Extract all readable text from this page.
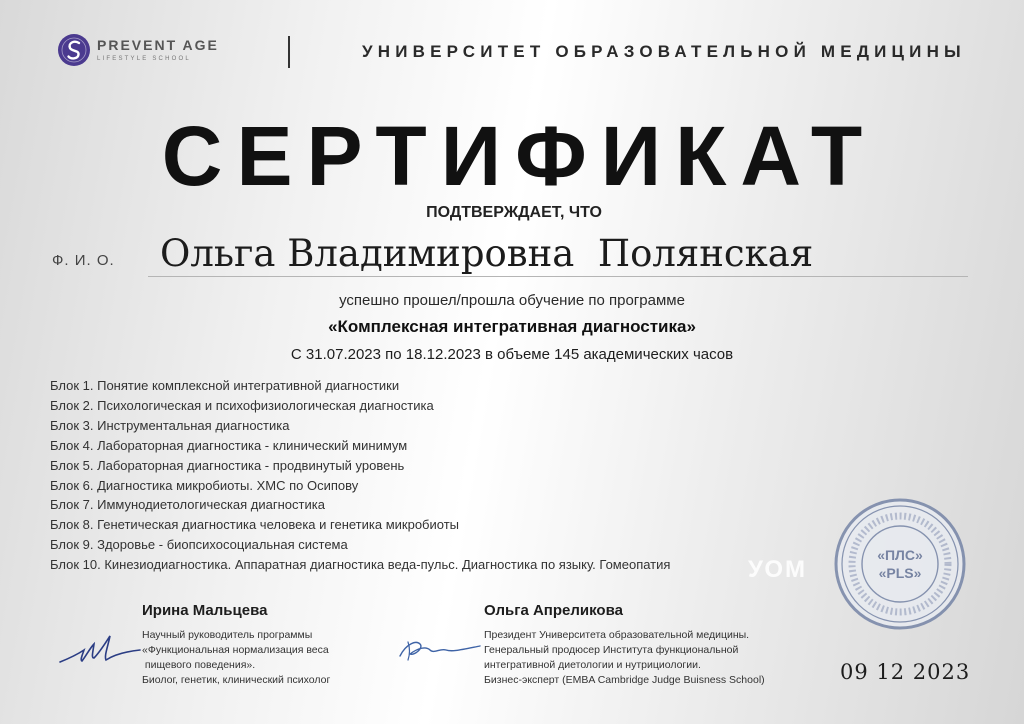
PREVENT AGE
LIFESTYLE SCHOOL	УНИВЕРСИТЕТ ОБРАЗОВАТЕЛЬНОЙ МЕДИЦИНЫ
СЕРТИФИКАТ
ПОДТВЕРЖДАЕТ, ЧТО
Ф. И. О. Ольга Владимировна  Полянская
успешно прошел/прошла обучение по программе
«Комплексная интегративная диагностика»
С 31.07.2023 по 18.12.2023 в объеме 145 академических часов
Блок 1. Понятие комплексной интегративной диагностики
Блок 2. Психологическая и психофизиологическая диагностика
Блок 3. Инструментальная диагностика
Блок 4. Лабораторная диагностика - клинический минимум
Блок 5. Лабораторная диагностика - продвинутый уровень
Блок 6. Диагностика микробиоты. ХМС по Осипову
Блок 7. Иммунодиетологическая диагностика
Блок 8. Генетическая диагностика человека и генетика микробиоты
Блок 9. Здоровье - биопсихосоциальная система
Блок 10. Кинезиодиагностика. Аппаратная диагностика веда-пульс. Диагностика по языку. Гомеопатия	УОМ
«ПЛС»
«PLS»
Ирина Мальцева
Научный руководитель программы
«Функциональная нормализация веса
пищевого поведения».
Биолог, генетик, клинический психолог
Ольга Апреликова
Президент Университета образовательной медицины.
Генеральный продюсер Института функциональной
интегративной диетологии и нутрициологии.
Бизнес-эксперт (EMBA Cambridge Judge Buisness School)	09 12 2023
